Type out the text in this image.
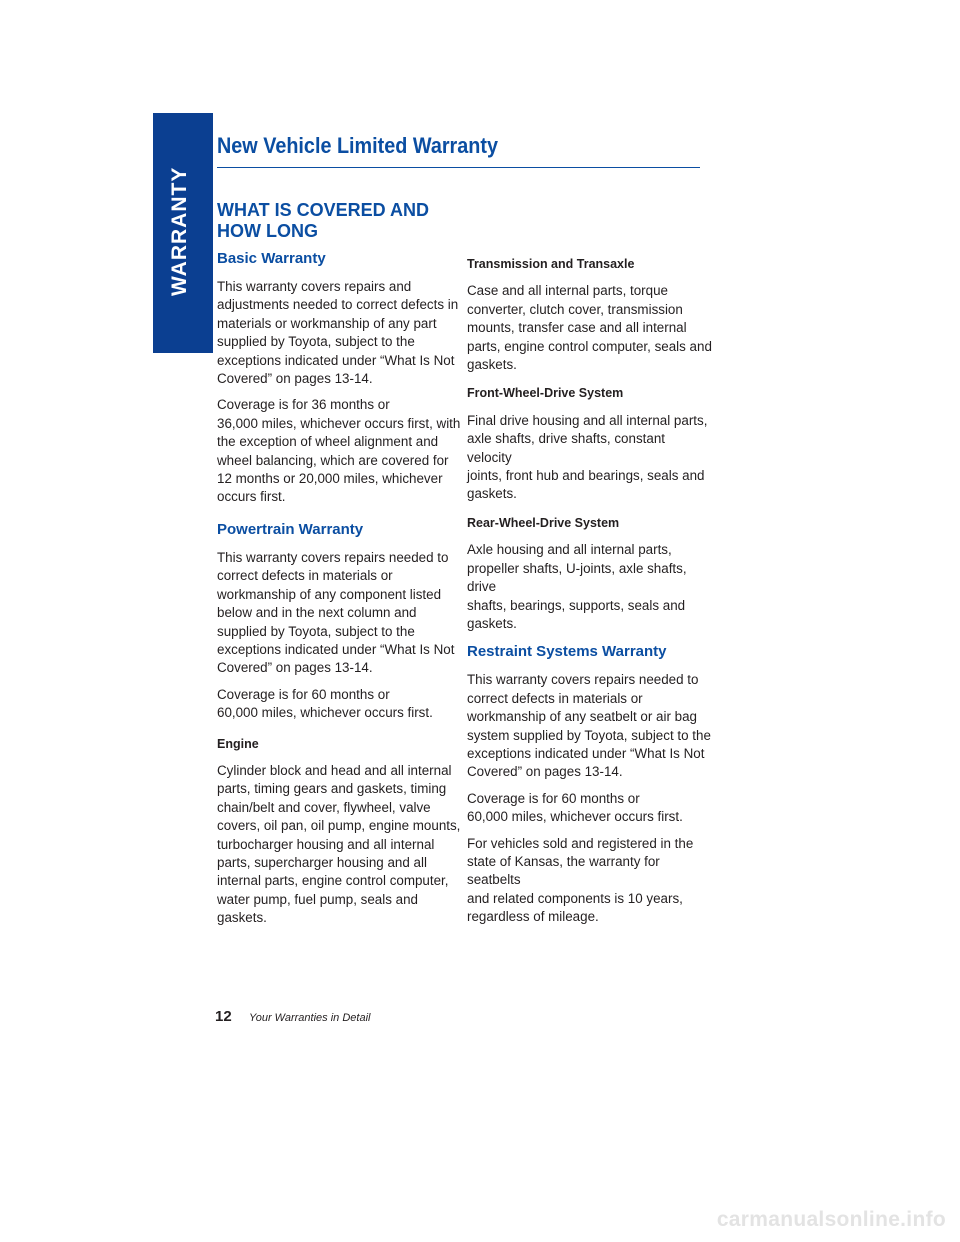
WARRANTY
New Vehicle Limited Warranty
WHAT IS COVERED AND
HOW LONG
Basic Warranty

This warranty covers repairs and
adjustments needed to correct defects in
materials or workmanship of any part
supplied by Toyota, subject to the
exceptions indicated under “What Is Not
Covered” on pages 13-14.

Coverage is for 36 months or
36,000 miles, whichever occurs first, with
the exception of wheel alignment and
wheel balancing, which are covered for
12 months or 20,000 miles, whichever
occurs first.

Powertrain Warranty

This warranty covers repairs needed to
correct defects in materials or
workmanship of any component listed
below and in the next column and
supplied by Toyota, subject to the
exceptions indicated under “What Is Not
Covered” on pages 13-14.

Coverage is for 60 months or
60,000 miles, whichever occurs first.

Engine

Cylinder block and head and all internal
parts, timing gears and gaskets, timing
chain/belt and cover, flywheel, valve
covers, oil pan, oil pump, engine mounts,
turbocharger housing and all internal
parts, supercharger housing and all
internal parts, engine control computer,
water pump, fuel pump, seals and gaskets.

Transmission and Transaxle

Case and all internal parts, torque
converter, clutch cover, transmission
mounts, transfer case and all internal
parts, engine control computer, seals and
gaskets.

Front-Wheel-Drive System

Final drive housing and all internal parts,
axle shafts, drive shafts, constant velocity
joints, front hub and bearings, seals and
gaskets.

Rear-Wheel-Drive System

Axle housing and all internal parts,
propeller shafts, U-joints, axle shafts, drive
shafts, bearings, supports, seals and
gaskets.

Restraint Systems Warranty

This warranty covers repairs needed to
correct defects in materials or
workmanship of any seatbelt or air bag
system supplied by Toyota, subject to the
exceptions indicated under “What Is Not
Covered” on pages 13-14.

Coverage is for 60 months or
60,000 miles, whichever occurs first.

For vehicles sold and registered in the
state of Kansas, the warranty for seatbelts
and related components is 10 years,
regardless of mileage.

12 Your Warranties in Detail
carmanualsonline.info
